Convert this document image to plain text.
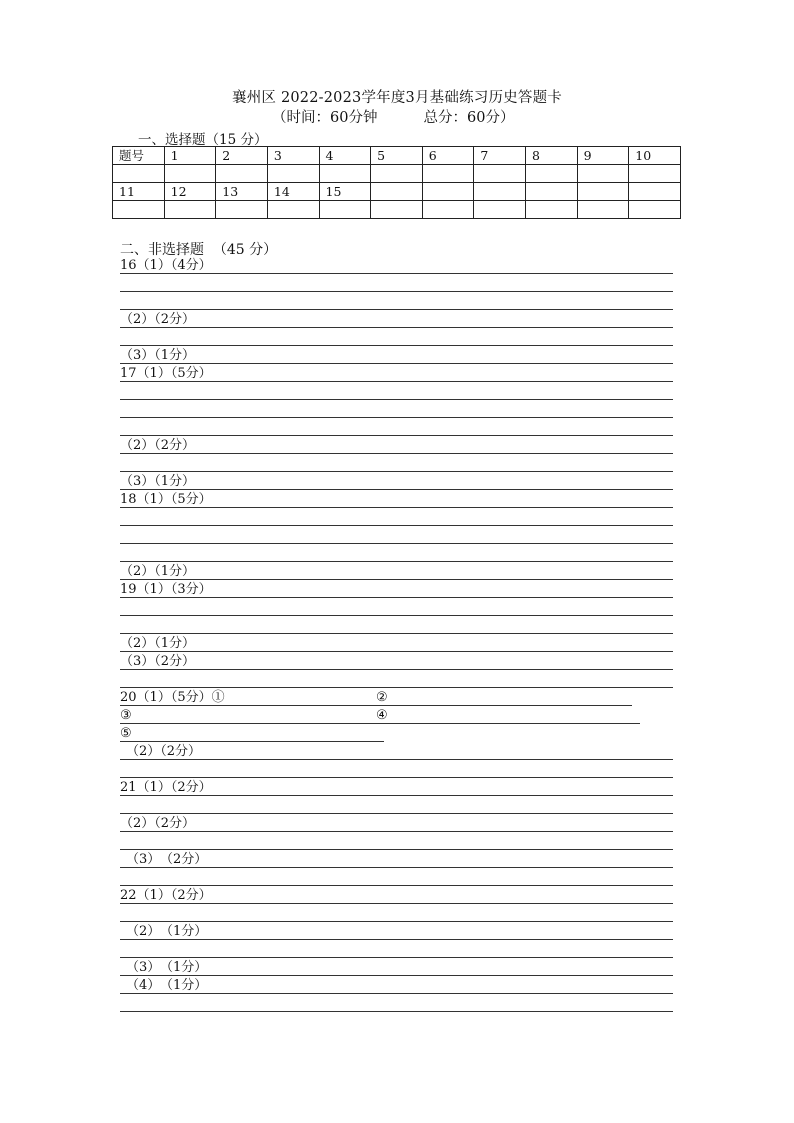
襄州区 2022-2023学年度3月基础练习历史答题卡
（时间：60分钟          总分：60分）
一、选择题（15 分）
题号	1	2	3	4	5	6	7	8	9	10

11	12	13	14	15						

二、非选择题  （45 分）
16（1）（4分）
（2）（2分）
（3）（1分）
17（1）（5分）
（2）（2分）
（3）（1分）
18（1）（5分）
（2）（1分）
19（1）（3分）
（2）（1分）
（3）（2分）
20（1）（5分）①	②
③	④
⑤
（2）（2分）
21（1）（2分）
（2）（2分）
（3） （2分）
22（1）（2分）
（2） （1分）
（3） （1分）
（4） （1分）
